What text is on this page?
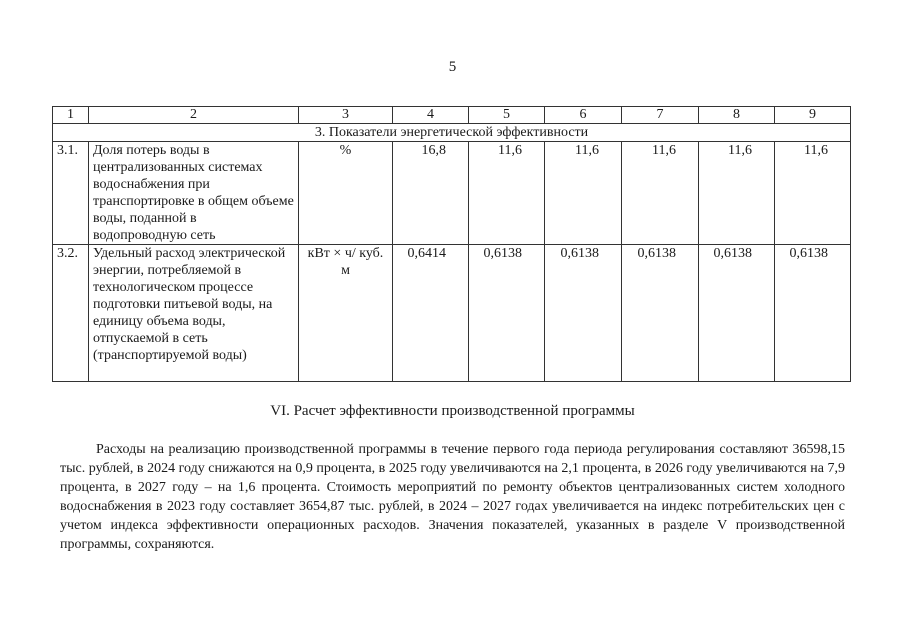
5
1	2	3	4	5	6	7	8	9
3. Показатели энергетической эффективности								
3.1.	Доля потерь воды в централизованных системах водоснабжения при транспортировке в общем объеме воды, поданной в водопроводную сеть	%	16,8	11,6	11,6	11,6	11,6	11,6
3.2.	Удельный расход электрической энергии, потребляемой в технологическом процессе подготовки питьевой воды, на единицу объема воды, отпускаемой в сеть (транспортируемой воды)	кВт × ч/ куб. м	0,6414	0,6138	0,6138	0,6138	0,6138	0,6138
VI. Расчет эффективности производственной программы

Расходы на реализацию производственной программы в течение первого года периода регулирования составляют 36598,15 тыс. рублей, в 2024 году снижаются на 0,9 процента, в 2025 году увеличиваются на 2,1 процента, в 2026 году увеличиваются на 7,9 процента, в 2027 году – на 1,6 процента. Стоимость мероприятий по ремонту объектов централизованных систем холодного водоснабжения в 2023 году составляет 3654,87 тыс. рублей, в 2024 – 2027 годах увеличивается на индекс потребительских цен с учетом индекса эффективности операционных расходов. Значения показателей, указанных в разделе V производственной программы, сохраняются.
